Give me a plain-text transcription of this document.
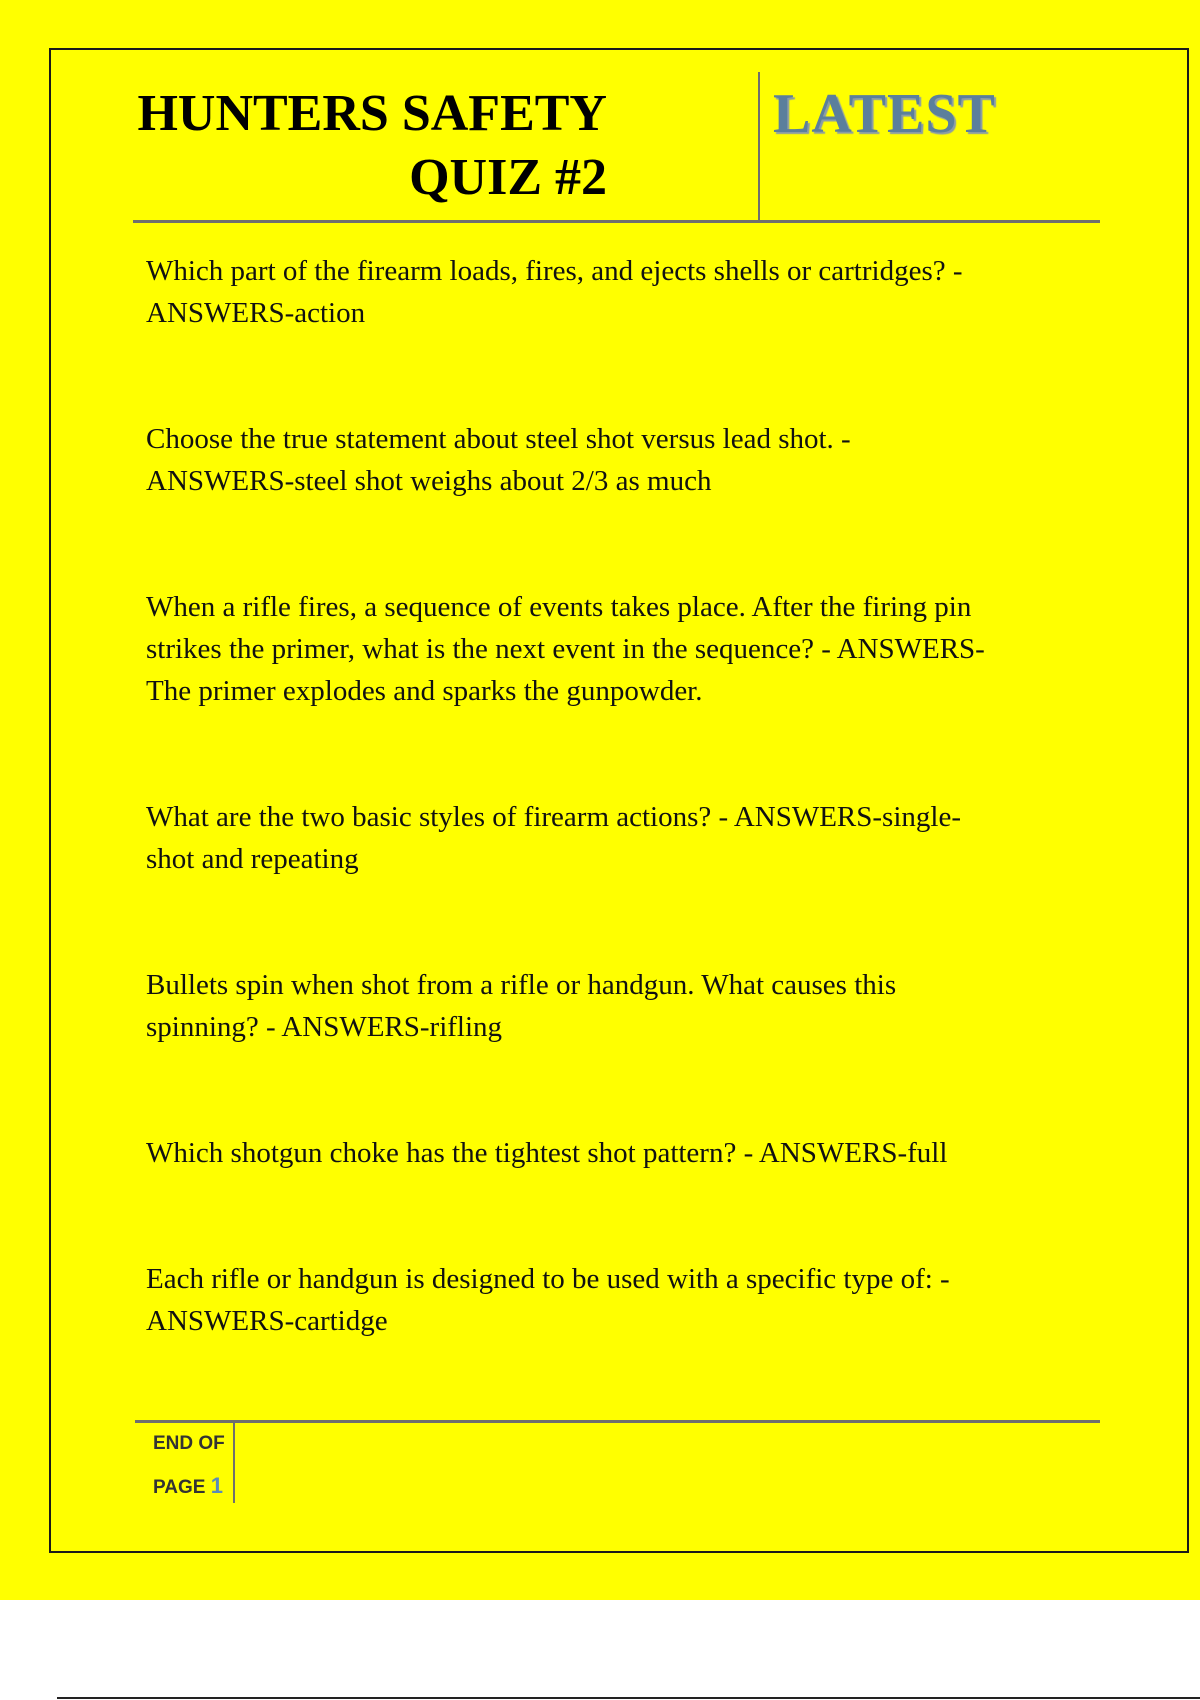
HUNTERS SAFETY
QUIZ #2
LATEST
Which part of the firearm loads, fires, and ejects shells or cartridges? -
ANSWERS-action
Choose the true statement about steel shot versus lead shot. -
ANSWERS-steel shot weighs about 2/3 as much
When a rifle fires, a sequence of events takes place. After the firing pin
strikes the primer, what is the next event in the sequence? - ANSWERS-
The primer explodes and sparks the gunpowder.
What are the two basic styles of firearm actions? - ANSWERS-single-
shot and repeating
Bullets spin when shot from a rifle or handgun. What causes this
spinning? - ANSWERS-rifling
Which shotgun choke has the tightest shot pattern? - ANSWERS-full
Each rifle or handgun is designed to be used with a specific type of: -
ANSWERS-cartidge
END OF
PAGE 1
